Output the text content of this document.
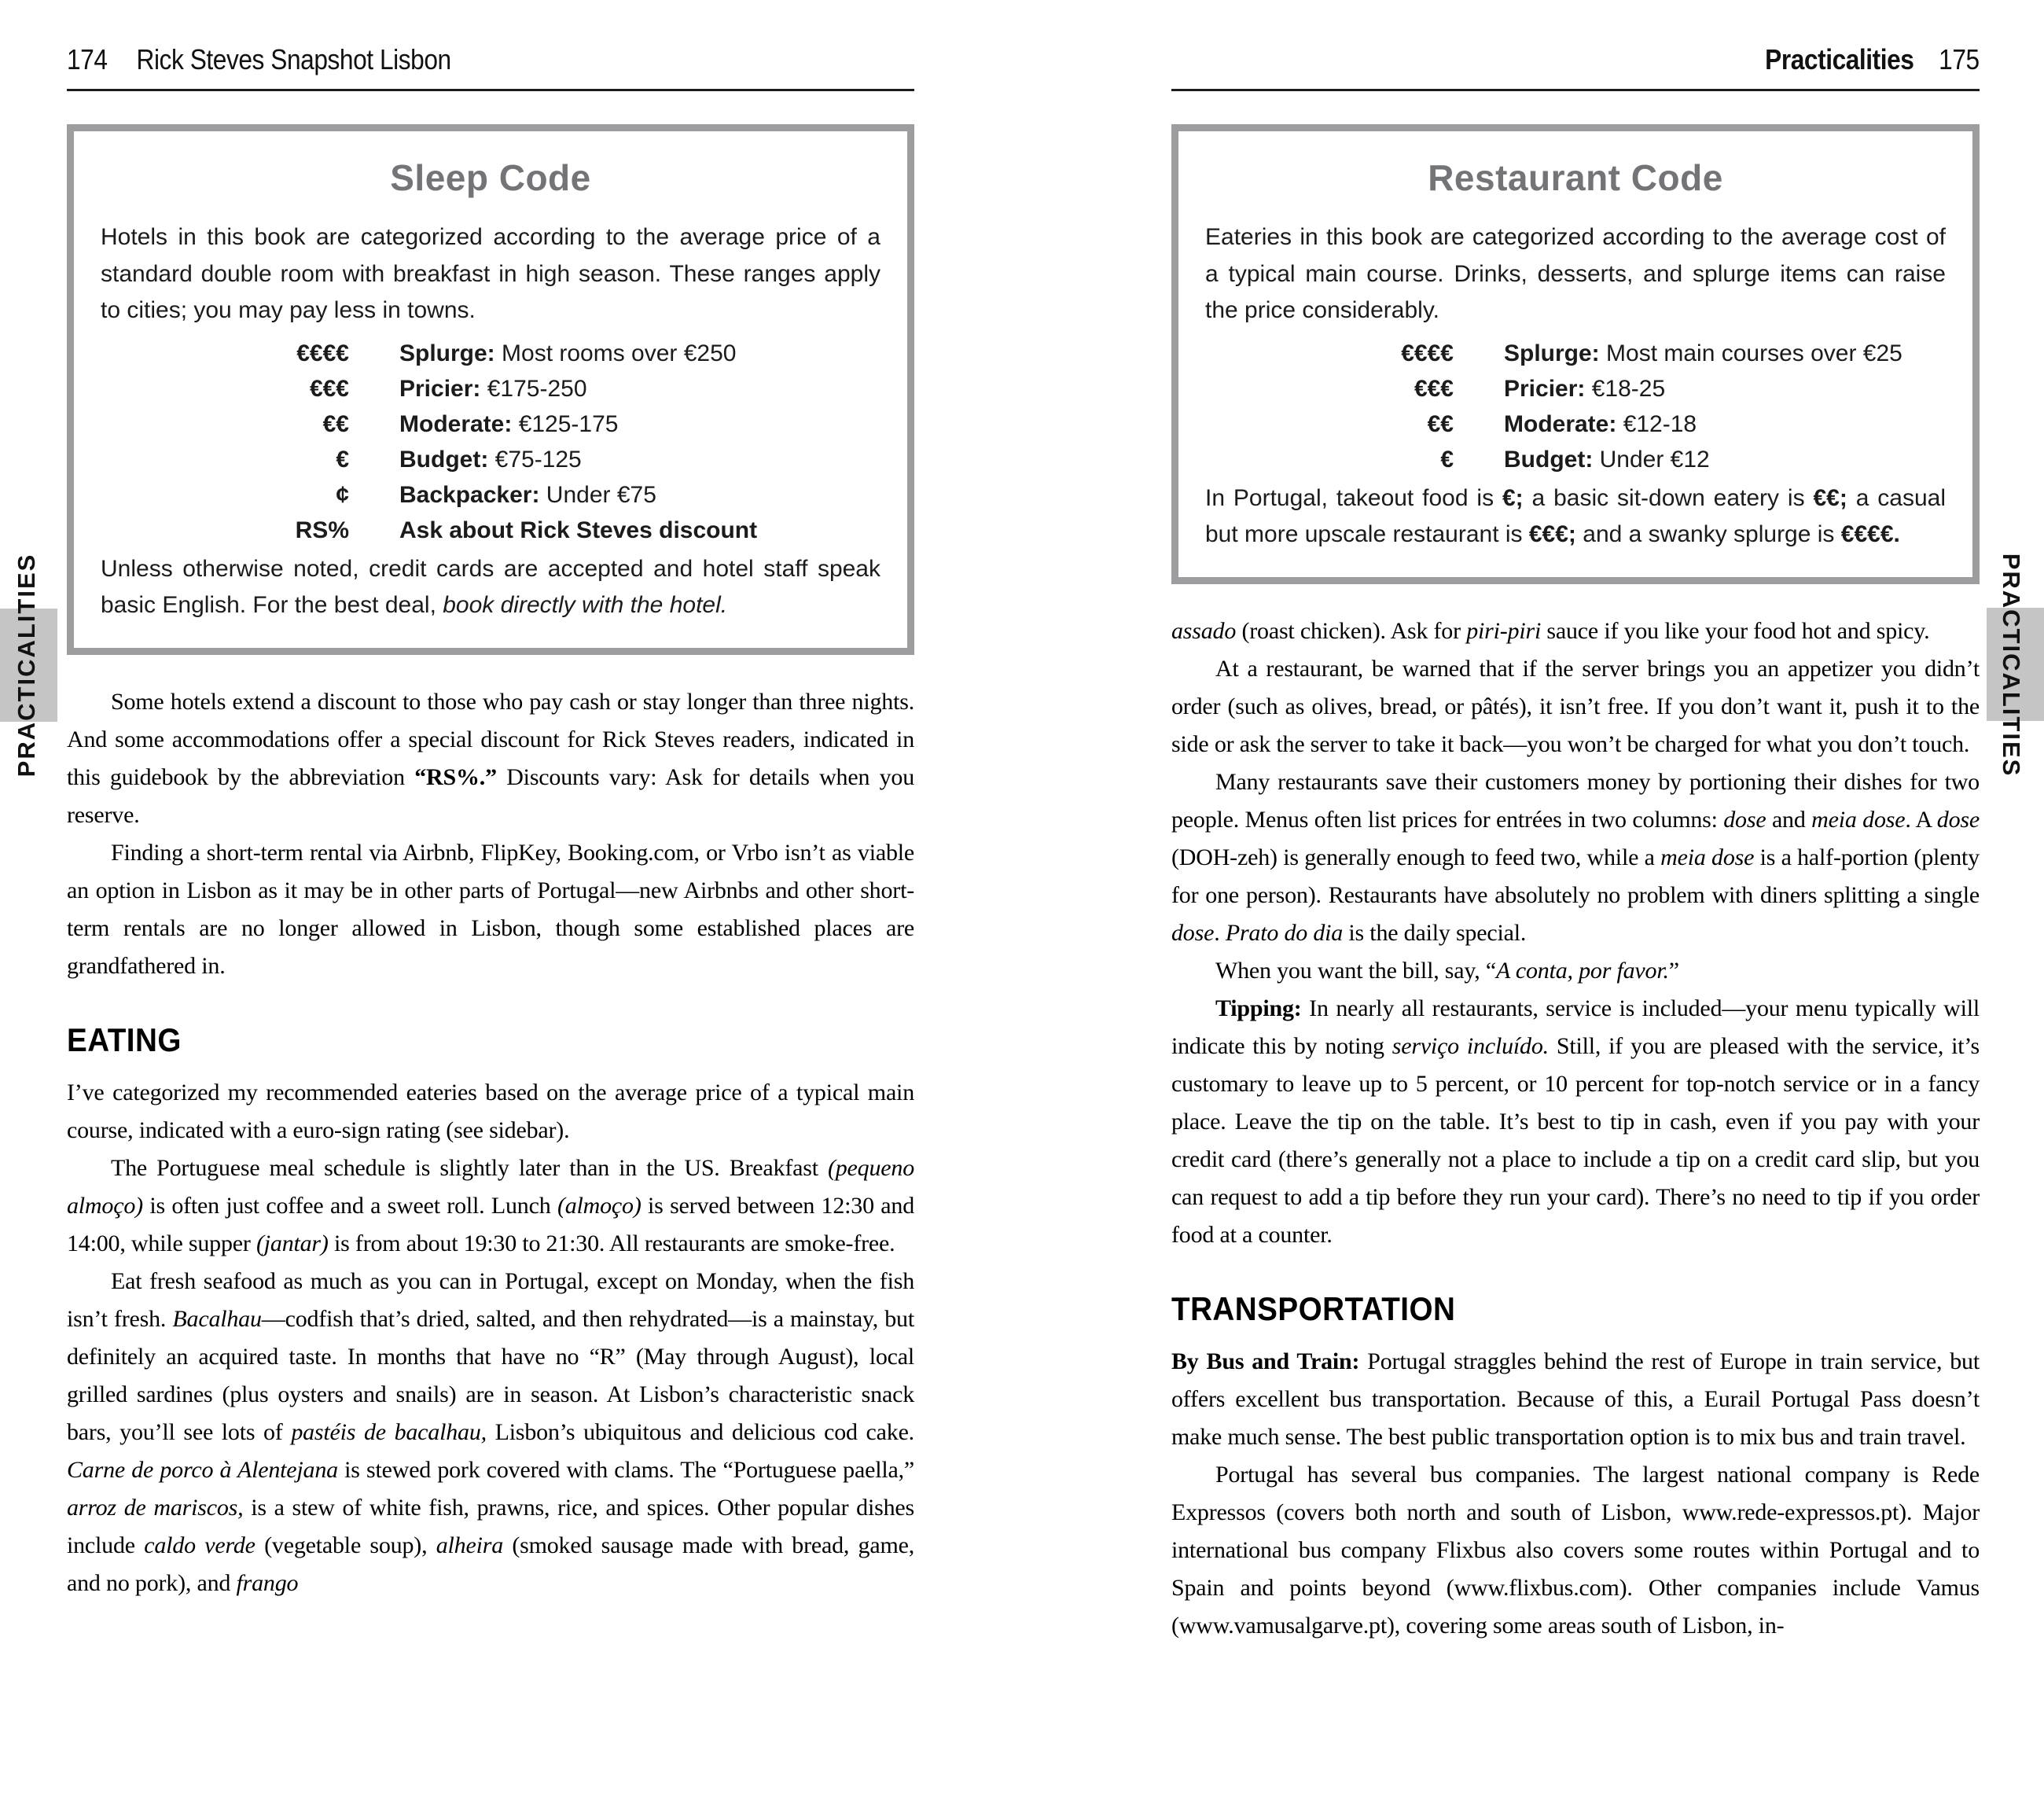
174 Rick Steves Snapshot Lisbon
Sleep Code
Hotels in this book are categorized according to the average price of a standard double room with breakfast in high season. These ranges apply to cities; you may pay less in towns.
€€€€	Splurge: Most rooms over €250
€€€	Pricier: €175-250
€€	Moderate: €125-175
€	Budget: €75-125
¢	Backpacker: Under €75
RS%	Ask about Rick Steves discount
Unless otherwise noted, credit cards are accepted and hotel staff speak basic English. For the best deal, book directly with the hotel.

Some hotels extend a discount to those who pay cash or stay longer than three nights. And some accommodations offer a special discount for Rick Steves readers, indicated in this guidebook by the abbreviation “RS%.” Discounts vary: Ask for details when you reserve.

Finding a short-term rental via Airbnb, FlipKey, Booking.com, or Vrbo isn’t as viable an option in Lisbon as it may be in other parts of Portugal—new Airbnbs and other short-term rentals are no longer allowed in Lisbon, though some established places are grandfathered in.

EATING

I’ve categorized my recommended eateries based on the average price of a typical main course, indicated with a euro-sign rating (see sidebar).

The Portuguese meal schedule is slightly later than in the US. Breakfast (pequeno almoço) is often just coffee and a sweet roll. Lunch (almoço) is served between 12:30 and 14:00, while supper (jantar) is from about 19:30 to 21:30. All restaurants are smoke-free.

Eat fresh seafood as much as you can in Portugal, except on Monday, when the fish isn’t fresh. Bacalhau—codfish that’s dried, salted, and then rehydrated—is a mainstay, but definitely an acquired taste. In months that have no “R” (May through August), local grilled sardines (plus oysters and snails) are in season. At Lisbon’s characteristic snack bars, you’ll see lots of pastéis de bacalhau, Lisbon’s ubiquitous and delicious cod cake. Carne de porco à Alentejana is stewed pork covered with clams. The “Portuguese paella,” arroz de mariscos, is a stew of white fish, prawns, rice, and spices. Other popular dishes include caldo verde (vegetable soup), alheira (smoked sausage made with bread, game, and no pork), and frango

Practicalities 175
Restaurant Code
Eateries in this book are categorized according to the average cost of a typical main course. Drinks, desserts, and splurge items can raise the price considerably.
€€€€	Splurge: Most main courses over €25
€€€	Pricier: €18-25
€€	Moderate: €12-18
€	Budget: Under €12
In Portugal, takeout food is €; a basic sit-down eatery is €€; a casual but more upscale restaurant is €€€; and a swanky splurge is €€€€.

assado (roast chicken). Ask for piri-piri sauce if you like your food hot and spicy.

At a restaurant, be warned that if the server brings you an appetizer you didn’t order (such as olives, bread, or pâtés), it isn’t free. If you don’t want it, push it to the side or ask the server to take it back—you won’t be charged for what you don’t touch.

Many restaurants save their customers money by portioning their dishes for two people. Menus often list prices for entrées in two columns: dose and meia dose. A dose (DOH-zeh) is generally enough to feed two, while a meia dose is a half-portion (plenty for one person). Restaurants have absolutely no problem with diners splitting a single dose. Prato do dia is the daily special.

When you want the bill, say, “A conta, por favor.”

Tipping: In nearly all restaurants, service is included—your menu typically will indicate this by noting serviço incluído. Still, if you are pleased with the service, it’s customary to leave up to 5 percent, or 10 percent for top-notch service or in a fancy place. Leave the tip on the table. It’s best to tip in cash, even if you pay with your credit card (there’s generally not a place to include a tip on a credit card slip, but you can request to add a tip before they run your card). There’s no need to tip if you order food at a counter.

TRANSPORTATION

By Bus and Train: Portugal straggles behind the rest of Europe in train service, but offers excellent bus transportation. Because of this, a Eurail Portugal Pass doesn’t make much sense. The best public transportation option is to mix bus and train travel.

Portugal has several bus companies. The largest national company is Rede Expressos (covers both north and south of Lisbon, www.rede-expressos.pt). Major international bus company Flixbus also covers some routes within Portugal and to Spain and points beyond (www.flixbus.com). Other companies include Vamus (www.vamusalgarve.pt), covering some areas south of Lisbon, in-

PRACTICALITIES	PRACTICALITIES
